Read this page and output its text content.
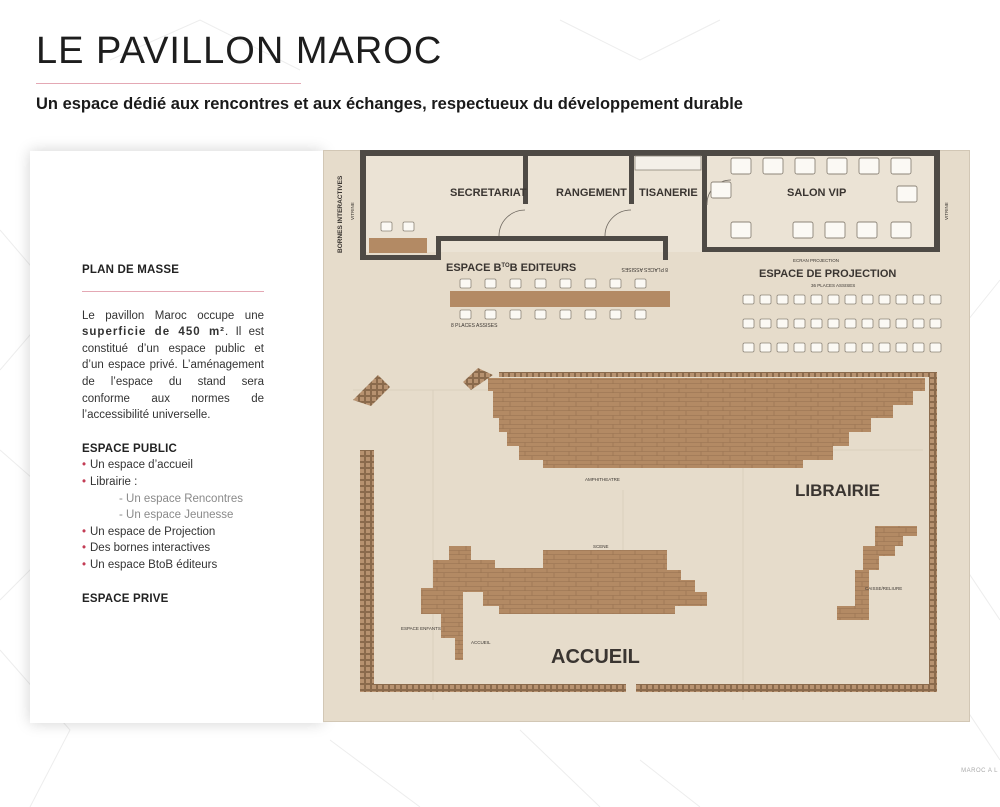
LE PAVILLON MAROC
Un espace dédié aux rencontres et aux échanges, respectueux du développement durable
PLAN DE MASSE
Le pavillon Maroc occupe une superficie de 450 m². Il est constitué d’un espace public et d’un espace privé. L’aménagement de l’espace du stand sera conforme aux normes de l’accessibilité universelle.
ESPACE PUBLIC
• Un espace d’accueil
• Librairie :
- Un espace Rencontres
- Un espace Jeunesse
• Un espace de Projection
• Des bornes interactives
• Un espace BtoB éditeurs
ESPACE PRIVE
SECRETARIAT	RANGEMENT TISANERIE	SALON VIP
BORNES INTERACTIVES VITRINE	VITRINE
ESPACE $B^{TO}B$ EDITEURS	8 PLACES ASSISES
8 PLACES ASSISES
ECRAN PROJECTION
ESPACE DE PROJECTION
36 PLACES ASSISES
AMPHITHEATRE
LIBRAIRIE
CAISSE/RELIURE
SCENE
ESPACE ENFANTS
ACCUEIL
ACCUEIL
MAROC A L
